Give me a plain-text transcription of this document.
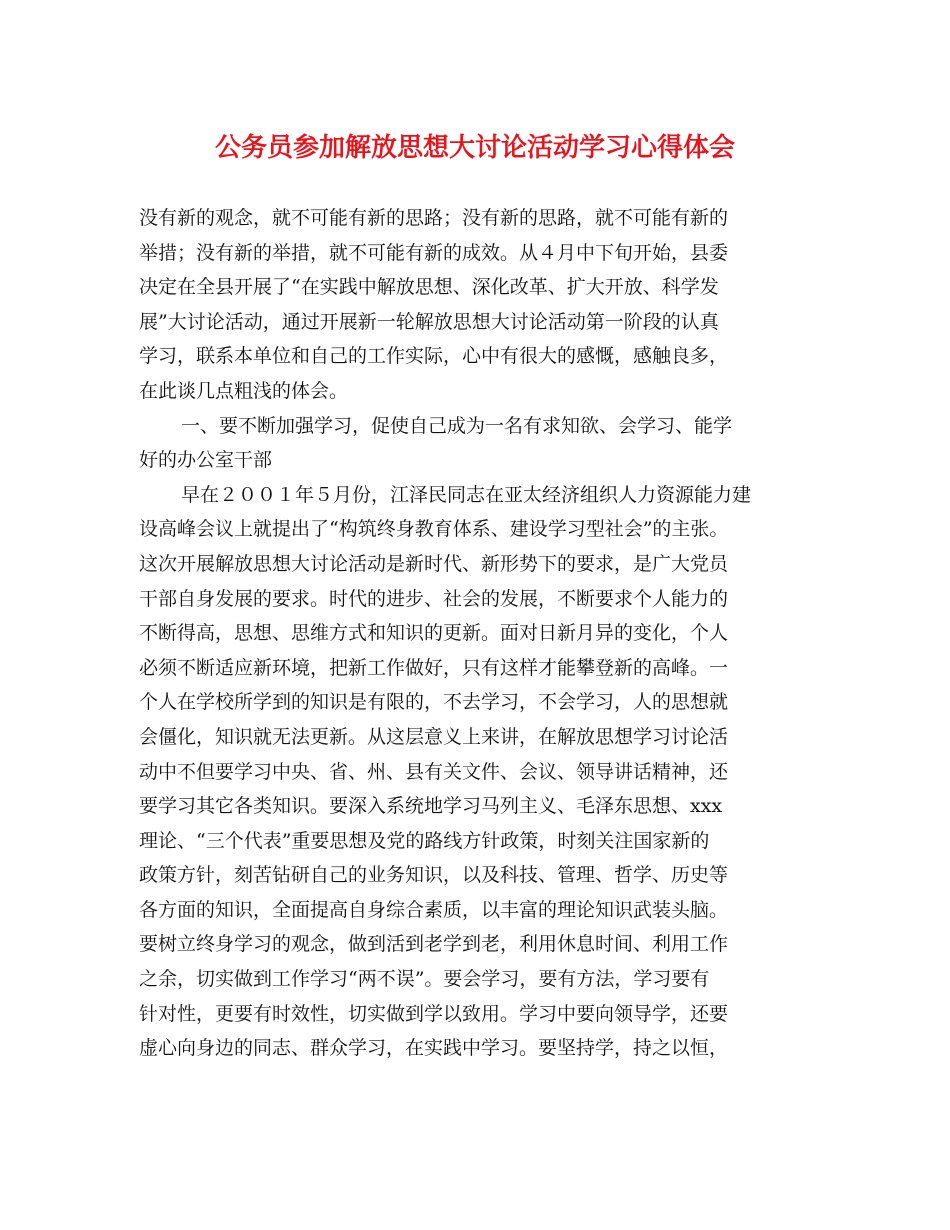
公务员参加解放思想大讨论活动学习心得体会
没有新的观念，就不可能有新的思路；没有新的思路，就不可能有新的
举措；没有新的举措，就不可能有新的成效。从４月中下旬开始，县委
决定在全县开展了“在实践中解放思想、深化改革、扩大开放、科学发
展”大讨论活动，通过开展新一轮解放思想大讨论活动第一阶段的认真
学习，联系本单位和自己的工作实际，心中有很大的感慨，感触良多，
在此谈几点粗浅的体会。
一、要不断加强学习，促使自己成为一名有求知欲、会学习、能学
好的办公室干部
早在２００１年５月份，江泽民同志在亚太经济组织人力资源能力建
设高峰会议上就提出了“构筑终身教育体系、建设学习型社会”的主张。
这次开展解放思想大讨论活动是新时代、新形势下的要求，是广大党员
干部自身发展的要求。时代的进步、社会的发展，不断要求个人能力的
不断得高，思想、思维方式和知识的更新。面对日新月异的变化，个人
必须不断适应新环境，把新工作做好，只有这样才能攀登新的高峰。一
个人在学校所学到的知识是有限的，不去学习，不会学习，人的思想就
会僵化，知识就无法更新。从这层意义上来讲，在解放思想学习讨论活
动中不但要学习中央、省、州、县有关文件、会议、领导讲话精神，还
要学习其它各类知识。要深入系统地学习马列主义、毛泽东思想、xxx
理论、“三个代表”重要思想及党的路线方针政策，时刻关注国家新的
政策方针，刻苦钻研自己的业务知识，以及科技、管理、哲学、历史等
各方面的知识，全面提高自身综合素质，以丰富的理论知识武装头脑。
要树立终身学习的观念，做到活到老学到老，利用休息时间、利用工作
之余，切实做到工作学习“两不误”。要会学习，要有方法，学习要有
针对性，更要有时效性，切实做到学以致用。学习中要向领导学，还要
虚心向身边的同志、群众学习，在实践中学习。要坚持学，持之以恒，
